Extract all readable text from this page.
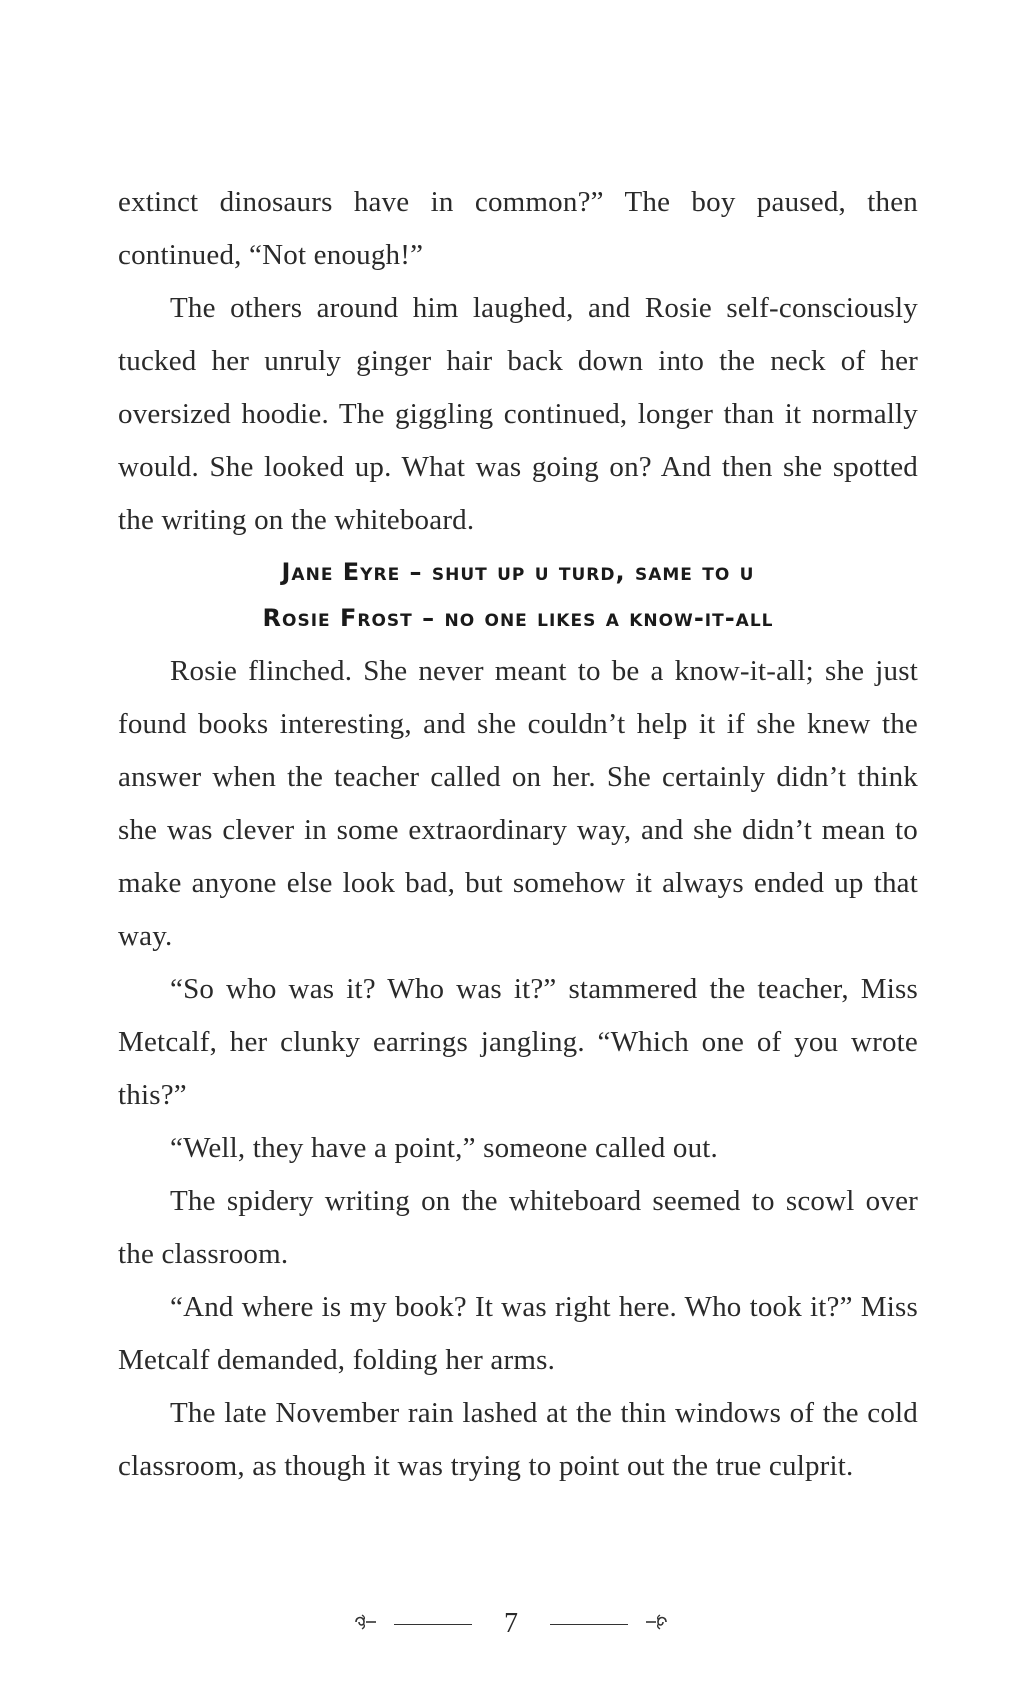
extinct dinosaurs have in common?” The boy paused, then continued, “Not enough!”

The others around him laughed, and Rosie self-consciously tucked her unruly ginger hair back down into the neck of her oversized hoodie. The giggling continued, longer than it normally would. She looked up. What was going on? And then she spotted the writing on the whiteboard.

Jane Eyre – shut up u turd, same to u
Rosie Frost – no one likes a know-it-all

Rosie flinched. She never meant to be a know-it-all; she just found books interesting, and she couldn’t help it if she knew the answer when the teacher called on her. She certainly didn’t think she was clever in some extraordinary way, and she didn’t mean to make anyone else look bad, but somehow it always ended up that way.

“So who was it? Who was it?” stammered the teacher, Miss Metcalf, her clunky earrings jangling. “Which one of you wrote this?”

“Well, they have a point,” someone called out.

The spidery writing on the whiteboard seemed to scowl over the classroom.

“And where is my book? It was right here. Who took it?” Miss Metcalf demanded, folding her arms.

The late November rain lashed at the thin windows of the cold classroom, as though it was trying to point out the true culprit.

7
